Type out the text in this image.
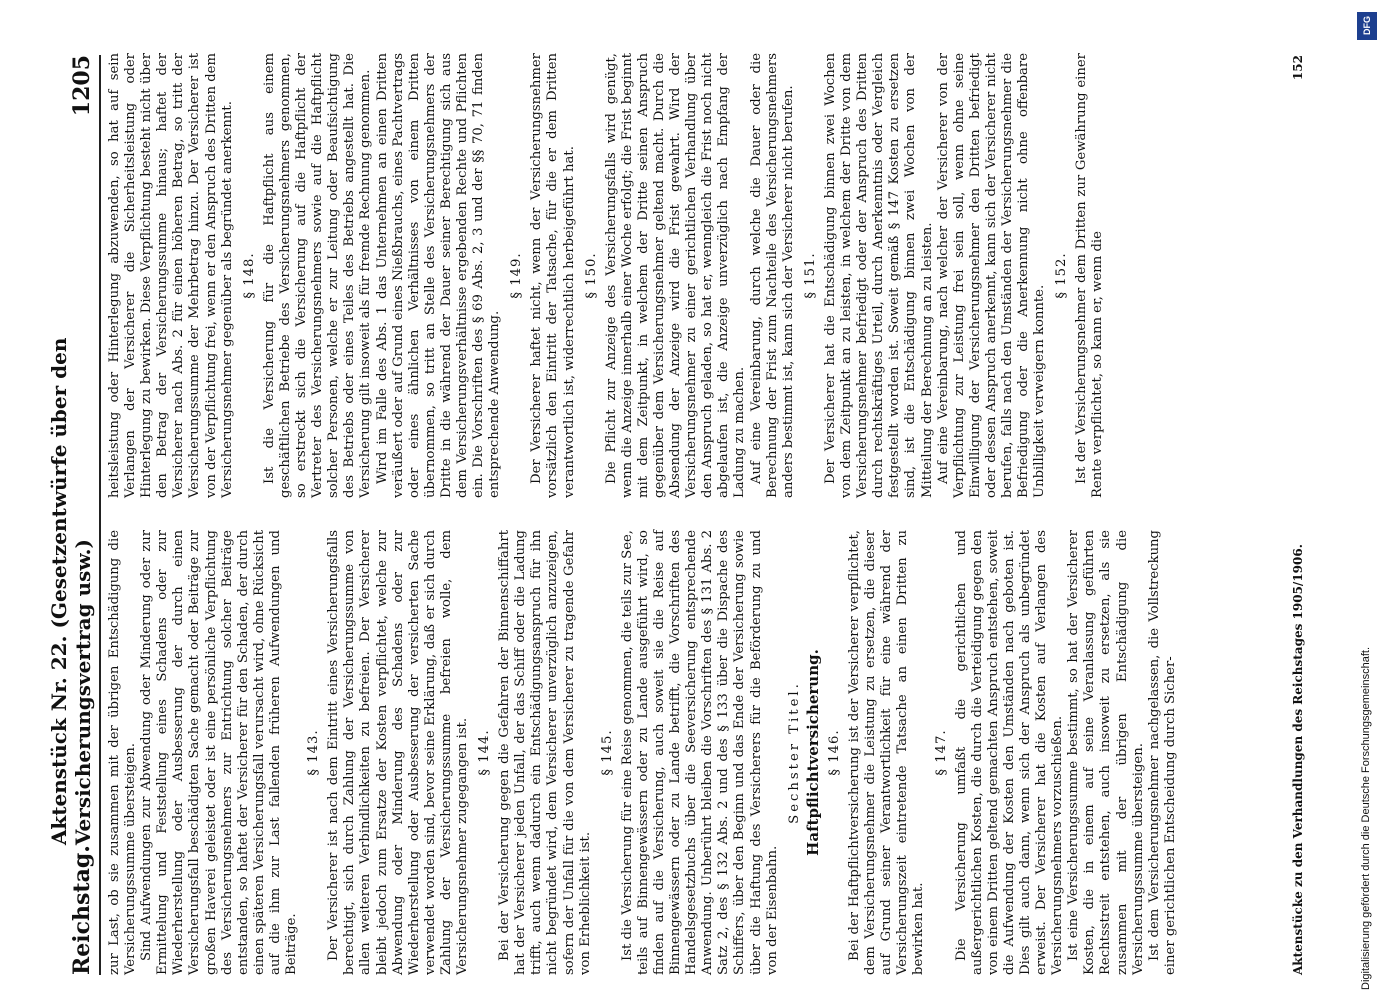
Reichstag.
Aktenstück Nr. 22. (Gesetzentwürfe über den Versicherungsvertrag usw.)
1205

zur Last, ob sie zusammen mit der übrigen Entschädigung die Versicherungssumme übersteigen. Sind Aufwendungen zur Abwendung oder Minderung oder zur Ermittelung und Feststellung eines Schadens oder zur Wiederherstellung oder Ausbesserung der durch einen Versicherungsfall beschädigten Sache gemacht oder Beiträge zur großen Haverei geleistet oder ist eine persönliche Verpflichtung des Versicherungsnehmers zur Entrichtung solcher Beiträge entstanden, so haftet der Versicherer für den Schaden, der durch einen späteren Versicherungsfall verursacht wird, ohne Rücksicht auf die ihm zur Last fallenden früheren Aufwendungen und Beiträge.

§ 143. Der Versicherer ist nach dem Eintritt eines Versicherungsfalls berechtigt, sich durch Zahlung der Versicherungssumme von allen weiteren Verbindlichkeiten zu befreien. Der Versicherer bleibt jedoch zum Ersatze der Kosten verpflichtet, welche zur Abwendung oder Minderung des Schadens oder zur Wiederherstellung oder Ausbesserung der versicherten Sache verwendet worden sind, bevor seine Erklärung, daß er sich durch Zahlung der Versicherungssumme befreien wolle, dem Versicherungsnehmer zugegangen ist. § 144. Bei der Versicherung gegen die Gefahren der Binnenschiffahrt hat der Versicherer jeden Unfall, der das Schiff oder die Ladung trifft, auch wenn dadurch ein Entschädigungsanspruch für ihn nicht begründet wird, dem Versicherer unverzüglich anzuzeigen, sofern der Unfall für die von dem Versicherer zu tragende Gefahr von Erheblichkeit ist.

§ 145. Ist die Versicherung für eine Reise genommen, die teils zur See, teils auf Binnengewässern oder zu Lande ausgeführt wird, so finden auf die Versicherung, auch soweit sie die Reise auf Binnengewässern oder zu Lande betrifft, die Vorschriften des Handelsgesetzbuchs über die Seeversicherung entsprechende Anwendung. Unberührt bleiben die Vorschriften des § 131 Abs. 2 Satz 2, des § 132 Abs. 2 und des § 133 über die Dispache des Schiffers, über den Beginn und das Ende der Versicherung sowie über die Haftung des Versicherers für die Beförderung zu und von der Eisenbahn.

Sechster Titel. Haftpflichtversicherung. § 146. Bei der Haftpflichtversicherung ist der Versicherer verpflichtet, dem Versicherungsnehmer die Leistung zu ersetzen, die dieser auf Grund seiner Verantwortlichkeit für eine während der Versicherungszeit eintretende Tatsache an einen Dritten zu bewirken hat.

§ 147. Die Versicherung umfaßt die gerichtlichen und außergerichtlichen Kosten, die durch die Verteidigung gegen den von einem Dritten geltend gemachten Anspruch entstehen, soweit die Aufwendung der Kosten den Umständen nach geboten ist. Dies gilt auch dann, wenn sich der Anspruch als unbegründet erweist. Der Versicherer hat die Kosten auf Verlangen des Versicherungsnehmers vorzuschießen. Ist eine Versicherungssumme bestimmt, so hat der Versicherer Kosten, die in einem auf seine Veranlassung geführten Rechtsstreit entstehen, auch insoweit zu ersetzen, als sie zusammen mit der übrigen Entschädigung die Versicherungssumme übersteigen. Ist dem Versicherungsnehmer nachgelassen, die Vollstreckung einer gerichtlichen Entscheidung durch Sicher-

heitsleistung oder Hinterlegung abzuwenden, so hat auf sein Verlangen der Versicherer die Sicherheitsleistung oder Hinterlegung zu bewirken. Diese Verpflichtung besteht nicht über den Betrag der Versicherungssumme hinaus; haftet der Versicherer nach Abs. 2 für einen höheren Betrag, so tritt der Versicherungssumme der Mehrbetrag hinzu. Der Versicherer ist von der Verpflichtung frei, wenn er den Anspruch des Dritten dem Versicherungsnehmer gegenüber als begründet anerkennt. § 148. Ist die Versicherung für die Haftpflicht aus einem geschäftlichen Betriebe des Versicherungsnehmers genommen, so erstreckt sich die Versicherung auf die Haftpflicht der Vertreter des Versicherungsnehmers sowie auf die Haftpflicht solcher Personen, welche er zur Leitung oder Beaufsichtigung des Betriebs oder eines Teiles des Betriebs angestellt hat. Die Versicherung gilt insoweit als für fremde Rechnung genommen. Wird im Falle des Abs. 1 das Unternehmen an einen Dritten veräußert oder auf Grund eines Nießbrauchs, eines Pachtvertrags oder eines ähnlichen Verhältnisses von einem Dritten übernommen, so tritt an Stelle des Versicherungsnehmers der Dritte in die während der Dauer seiner Berechtigung sich aus dem Versicherungsverhältnisse ergebenden Rechte und Pflichten ein. Die Vorschriften des § 69 Abs. 2, 3 und der §§ 70, 71 finden entsprechende Anwendung.

§ 149. Der Versicherer haftet nicht, wenn der Versicherungsnehmer vorsätzlich den Eintritt der Tatsache, für die er dem Dritten verantwortlich ist, widerrechtlich herbeigeführt hat. § 150. Die Pflicht zur Anzeige des Versicherungsfalls wird genügt, wenn die Anzeige innerhalb einer Woche erfolgt; die Frist beginnt mit dem Zeitpunkt, in welchem der Dritte seinen Anspruch gegenüber dem Versicherungsnehmer geltend macht. Durch die Absendung der Anzeige wird die Frist gewahrt. Wird der Versicherungsnehmer zu einer gerichtlichen Verhandlung über den Anspruch geladen, so hat er, wenngleich die Frist noch nicht abgelaufen ist, die Anzeige unverzüglich nach Empfang der Ladung zu machen. Auf eine Vereinbarung, durch welche die Dauer oder die Berechnung der Frist zum Nachteile des Versicherungsnehmers anders bestimmt ist, kann sich der Versicherer nicht berufen. § 151. Der Versicherer hat die Entschädigung binnen zwei Wochen von dem Zeitpunkt an zu leisten, in welchem der Dritte von dem Versicherungsnehmer befriedigt oder der Anspruch des Dritten durch rechtskräftiges Urteil, durch Anerkenntnis oder Vergleich festgestellt worden ist. Soweit gemäß § 147 Kosten zu ersetzen sind, ist die Entschädigung binnen zwei Wochen von der Mitteilung der Berechnung an zu leisten. Auf eine Vereinbarung, nach welcher der Versicherer von der Verpflichtung zur Leistung frei sein soll, wenn ohne seine Einwilligung der Versicherungsnehmer den Dritten befriedigt oder dessen Anspruch anerkennt, kann sich der Versicherer nicht berufen, falls nach den Umständen der Versicherungsnehmer die Befriedigung oder die Anerkennung nicht ohne offenbare Unbilligkeit verweigern konnte.

§ 152. Ist der Versicherungsnehmer dem Dritten zur Gewährung einer Rente verpflichtet, so kann er, wenn die

Aktenstücke zu den Verhandlungen des Reichstages 1905/1906.
152
DFG
Digitalisierung gefördert durch die Deutsche Forschungsgemeinschaft.
